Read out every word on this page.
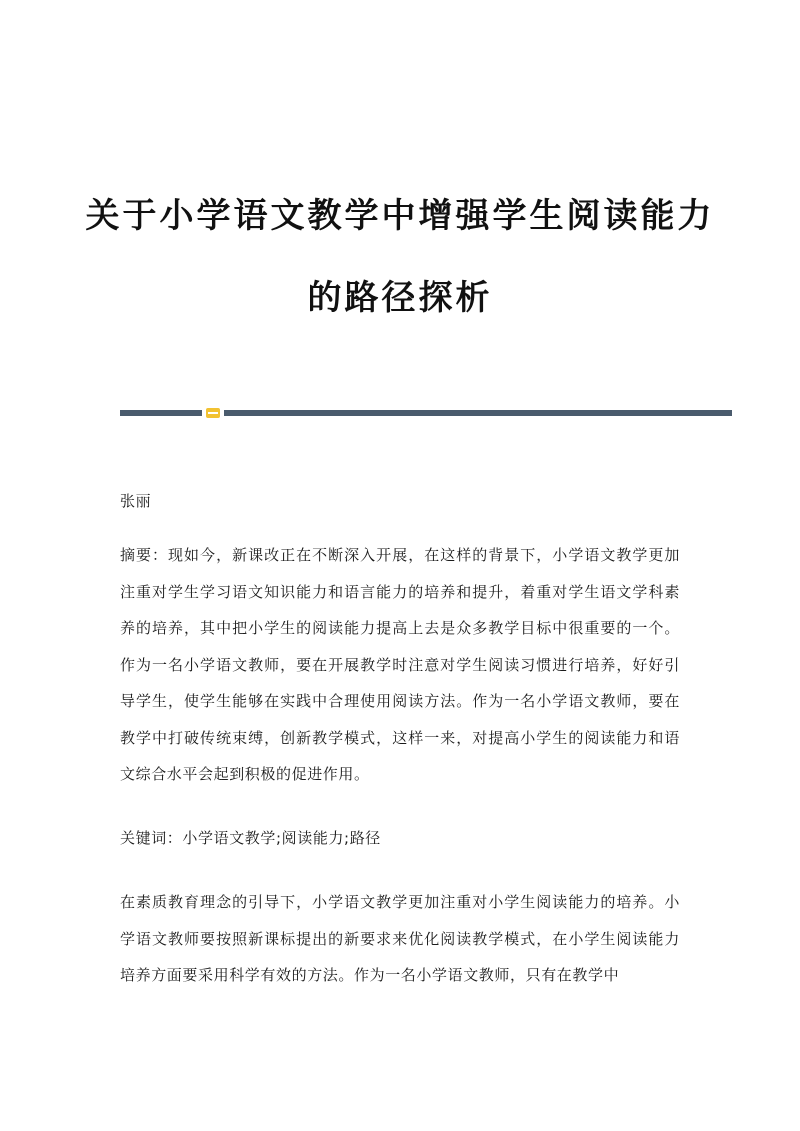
关于小学语文教学中增强学生阅读能力
的路径探析
张丽
摘要：现如今，新课改正在不断深入开展，在这样的背景下，小学语文教学更加注重对学生学习语文知识能力和语言能力的培养和提升，着重对学生语文学科素养的培养，其中把小学生的阅读能力提高上去是众多教学目标中很重要的一个。作为一名小学语文教师，要在开展教学时注意对学生阅读习惯进行培养，好好引导学生，使学生能够在实践中合理使用阅读方法。作为一名小学语文教师，要在教学中打破传统束缚，创新教学模式，这样一来，对提高小学生的阅读能力和语文综合水平会起到积极的促进作用。
关键词：小学语文教学;阅读能力;路径
在素质教育理念的引导下，小学语文教学更加注重对小学生阅读能力的培养。小学语文教师要按照新课标提出的新要求来优化阅读教学模式，在小学生阅读能力培养方面要采用科学有效的方法。作为一名小学语文教师，只有在教学中
